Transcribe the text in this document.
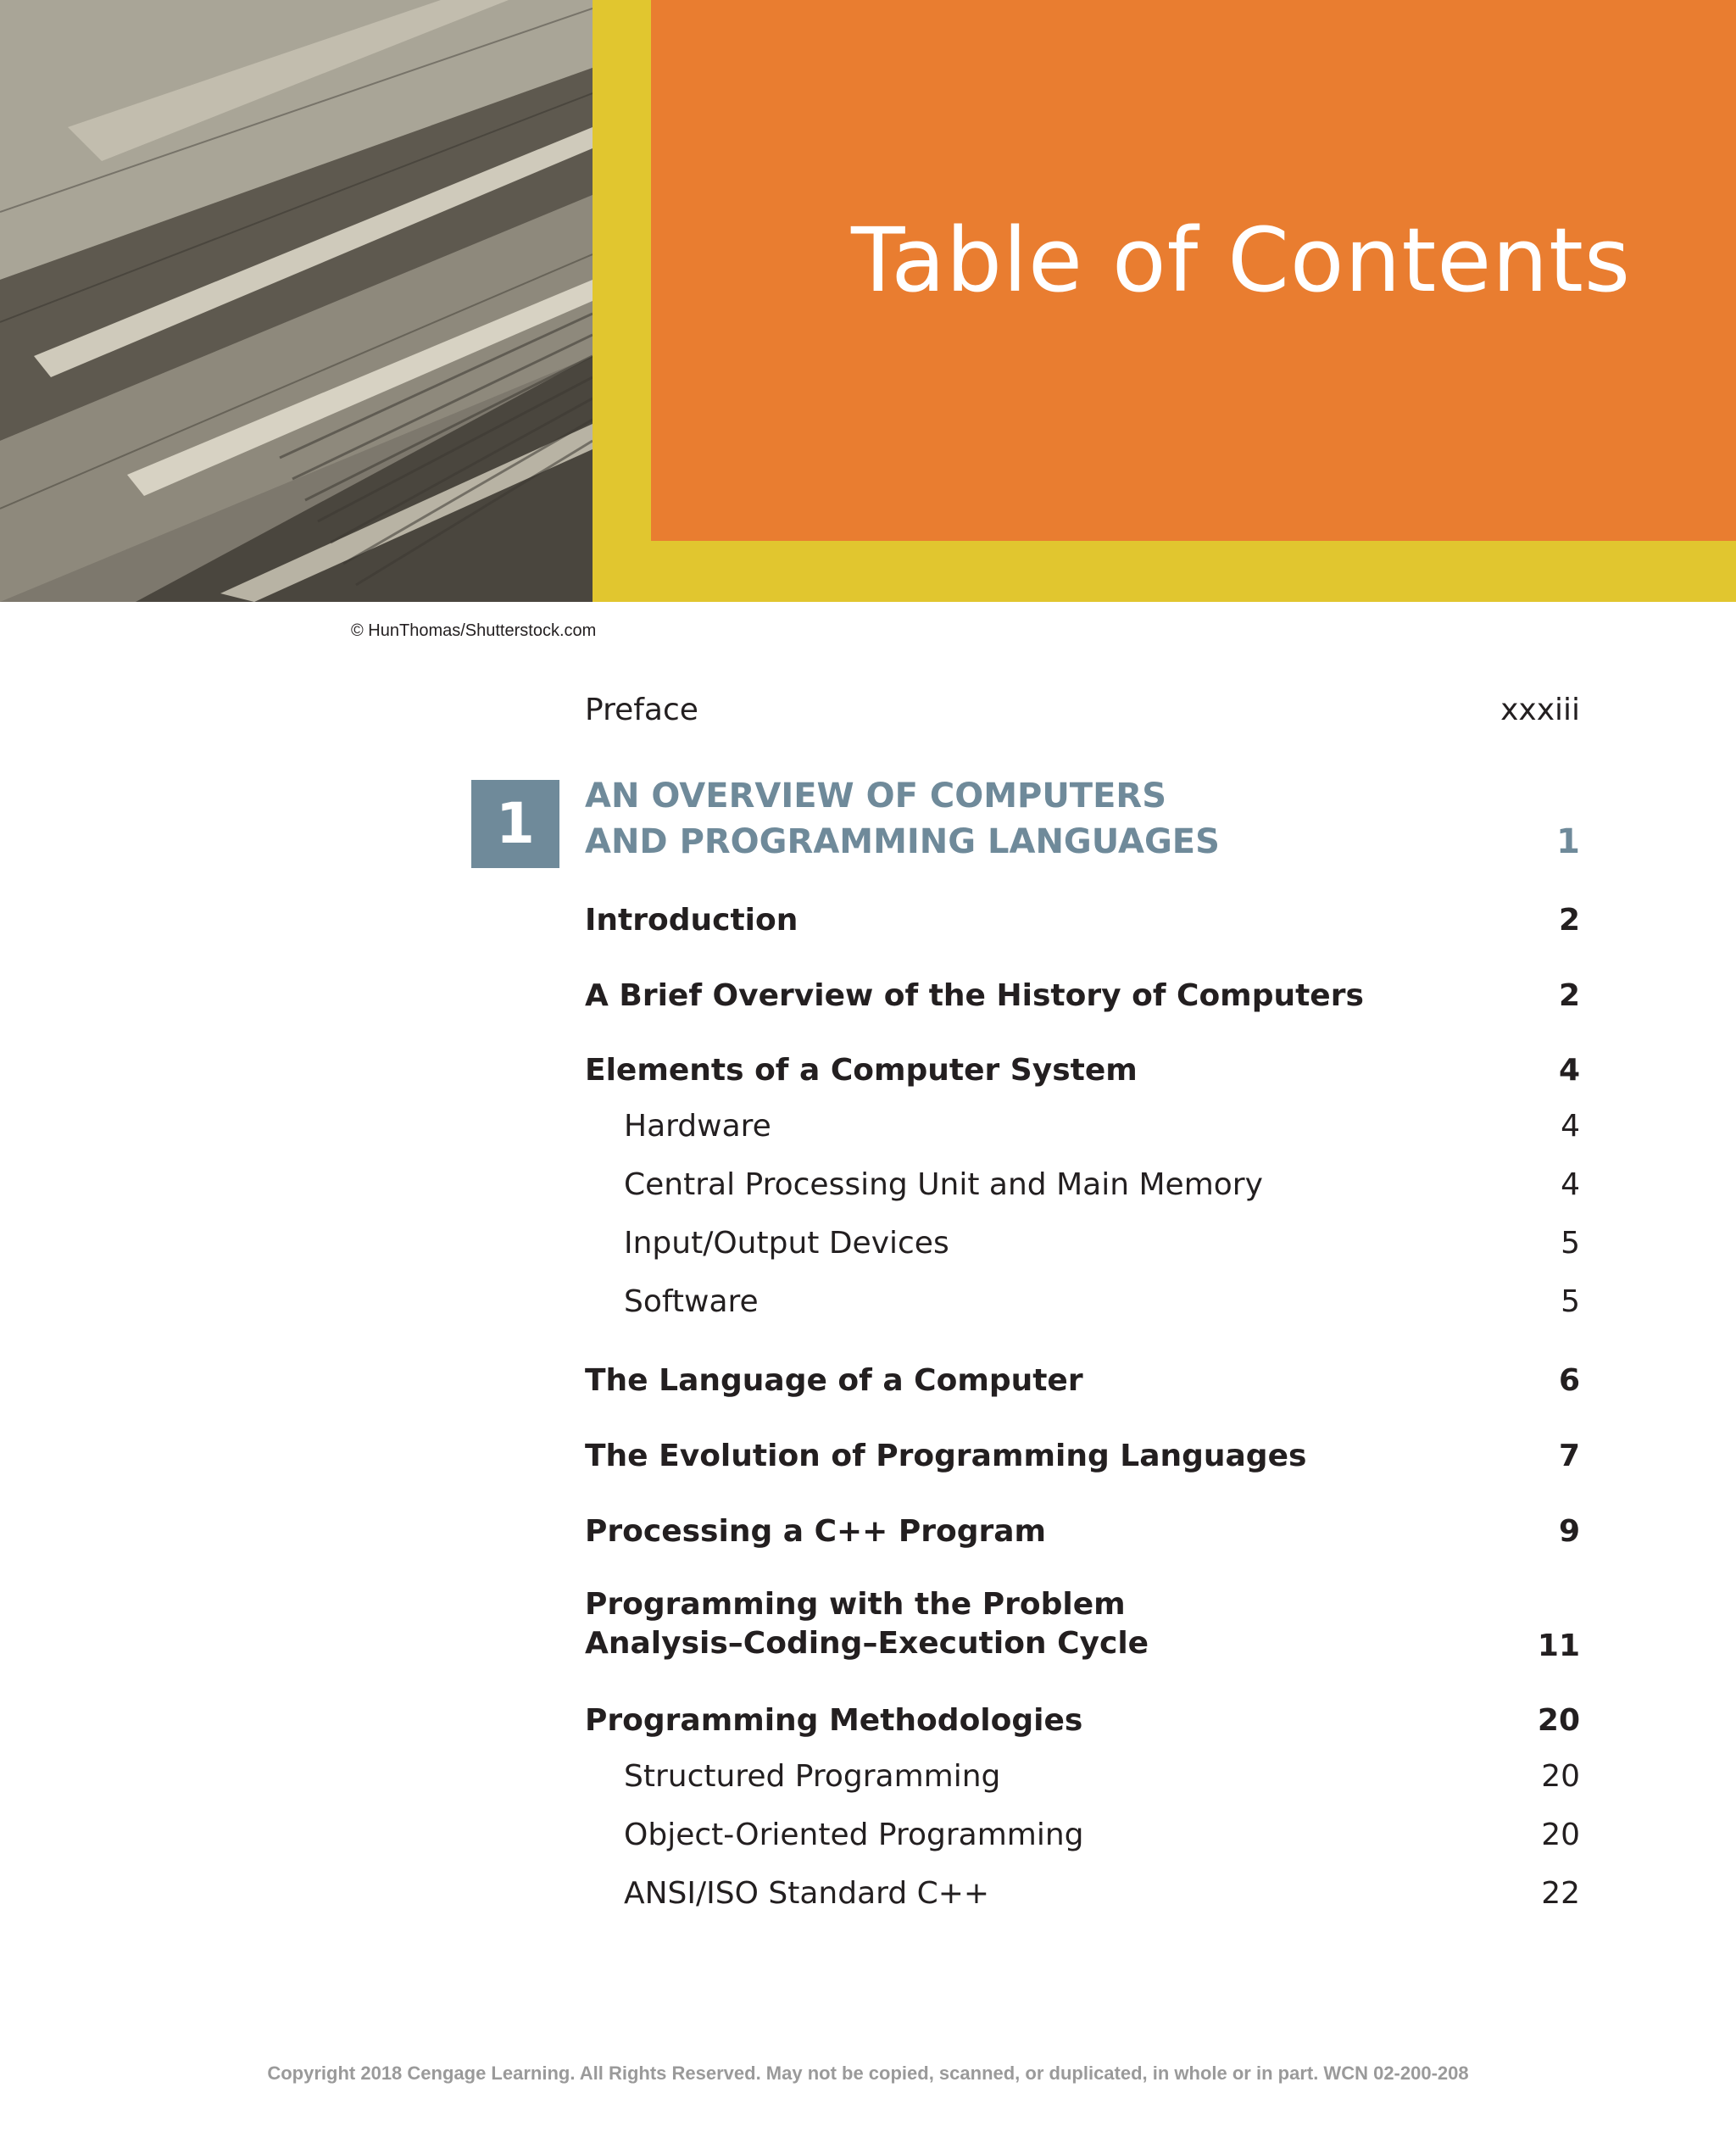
Table of Contents
© HunThomas/Shutterstock.com
Preface	xxxiii
1	AN OVERVIEW OF COMPUTERS
AND PROGRAMMING LANGUAGES	1
Introduction	2
A Brief Overview of the History of Computers	2
Elements of a Computer System	4
Hardware	4
Central Processing Unit and Main Memory	4
Input/Output Devices	5
Software	5
The Language of a Computer	6
The Evolution of Programming Languages	7
Processing a C++ Program	9
Programming with the Problem
Analysis–Coding–Execution Cycle	11
Programming Methodologies	20
Structured Programming	20
Object-Oriented Programming	20
ANSI/ISO Standard C++	22
Copyright 2018 Cengage Learning. All Rights Reserved. May not be copied, scanned, or duplicated, in whole or in part. WCN 02-200-208
